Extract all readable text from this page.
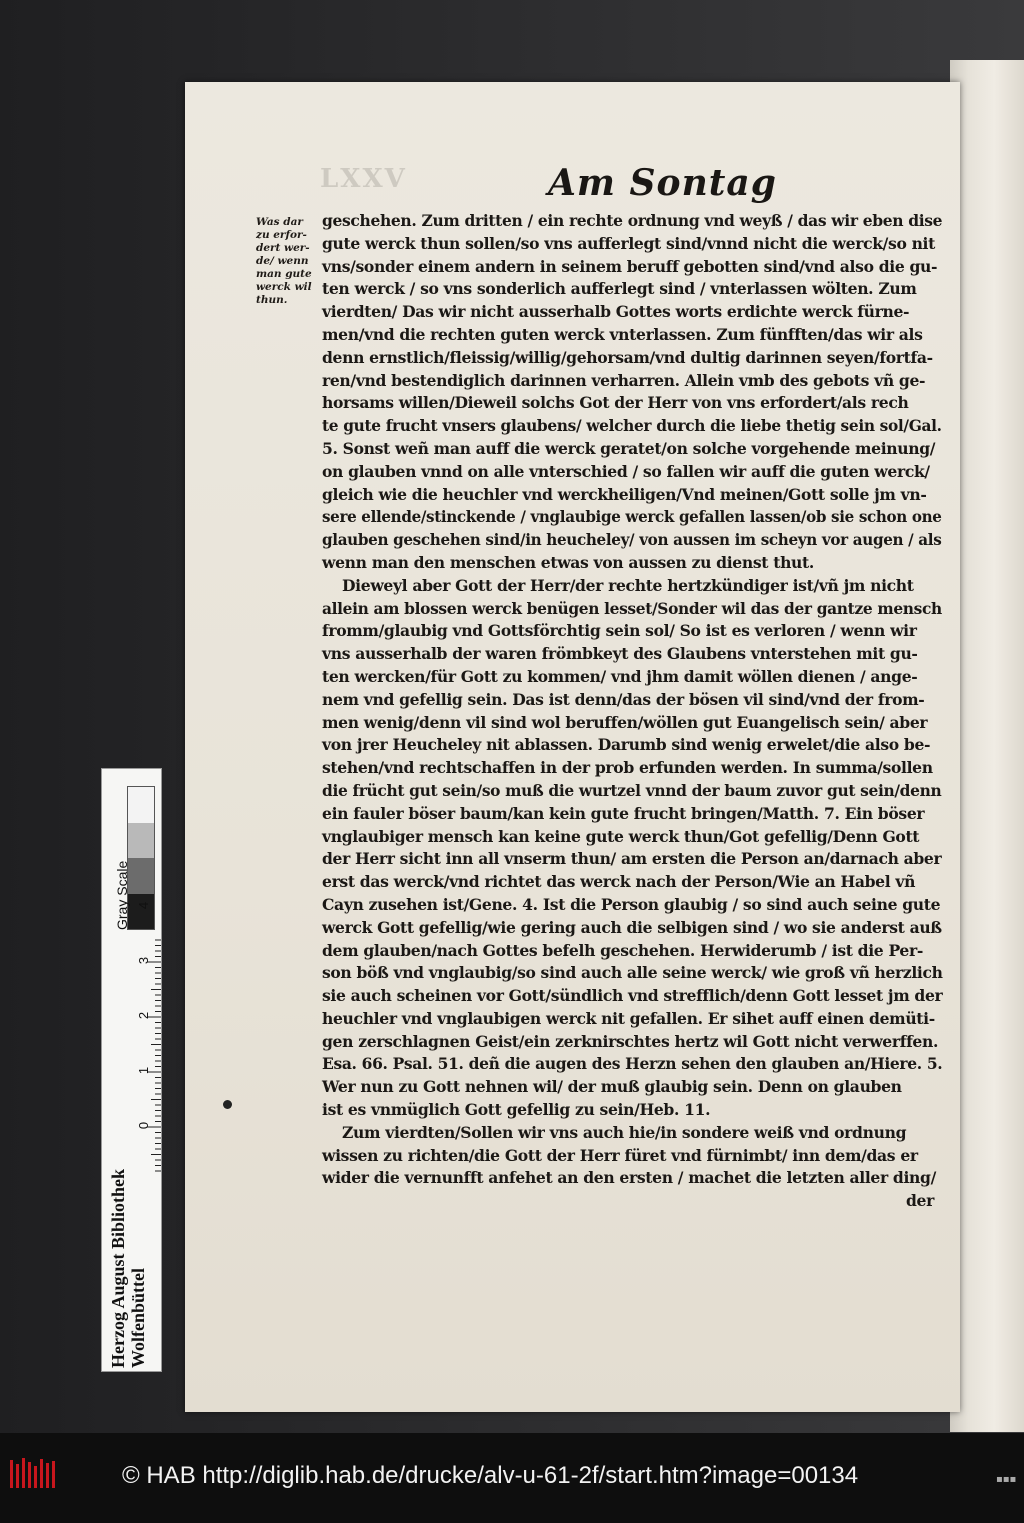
LXXV	Am Sontag
Was dar
zu erfor-
dert wer-
de/ wenn
man gute
werck wil
thun.
geschehen. Zum dritten / ein rechte ordnung vnd weyß / das wir eben dise
gute werck thun sollen/so vns aufferlegt sind/vnnd nicht die werck/so nit
vns/sonder einem andern in seinem beruff gebotten sind/vnd also die gu-
ten werck / so vns sonderlich aufferlegt sind / vnterlassen wölten. Zum
vierdten/ Das wir nicht ausserhalb Gottes worts erdichte werck fürne-
men/vnd die rechten guten werck vnterlassen. Zum fünfften/das wir als
denn ernstlich/fleissig/willig/gehorsam/vnd dultig darinnen seyen/fortfa-
ren/vnd bestendiglich darinnen verharren. Allein vmb des gebots vñ ge-
horsams willen/Dieweil solchs Got der Herr von vns erfordert/als rech
te gute frucht vnsers glaubens/ welcher durch die liebe thetig sein sol/Gal.
5. Sonst weñ man auff die werck geratet/on solche vorgehende meinung/
on glauben vnnd on alle vnterschied / so fallen wir auff die guten werck/
gleich wie die heuchler vnd werckheiligen/Vnd meinen/Gott solle jm vn-
sere ellende/stinckende / vnglaubige werck gefallen lassen/ob sie schon one
glauben geschehen sind/in heucheley/ von aussen im scheyn vor augen / als
wenn man den menschen etwas von aussen zu dienst thut.
Dieweyl aber Gott der Herr/der rechte hertzkündiger ist/vñ jm nicht
allein am blossen werck benügen lesset/Sonder wil das der gantze mensch
fromm/glaubig vnd Gottsförchtig sein sol/ So ist es verloren / wenn wir
vns ausserhalb der waren frömbkeyt des Glaubens vnterstehen mit gu-
ten wercken/für Gott zu kommen/ vnd jhm damit wöllen dienen / ange-
nem vnd gefellig sein. Das ist denn/das der bösen vil sind/vnd der from-
men wenig/denn vil sind wol beruffen/wöllen gut Euangelisch sein/ aber
von jrer Heucheley nit ablassen. Darumb sind wenig erwelet/die also be-
stehen/vnd rechtschaffen in der prob erfunden werden. In summa/sollen
die frücht gut sein/so muß die wurtzel vnnd der baum zuvor gut sein/denn
ein fauler böser baum/kan kein gute frucht bringen/Matth. 7. Ein böser
vnglaubiger mensch kan keine gute werck thun/Got gefellig/Denn Gott
der Herr sicht inn all vnserm thun/ am ersten die Person an/darnach aber
erst das werck/vnd richtet das werck nach der Person/Wie an Habel vñ
Cayn zusehen ist/Gene. 4. Ist die Person glaubig / so sind auch seine gute
werck Gott gefellig/wie gering auch die selbigen sind / wo sie anderst auß
dem glauben/nach Gottes befelh geschehen. Herwiderumb / ist die Per-
son böß vnd vnglaubig/so sind auch alle seine werck/ wie groß vñ herzlich
sie auch scheinen vor Gott/sündlich vnd strefflich/denn Gott lesset jm der
heuchler vnd vnglaubigen werck nit gefallen. Er sihet auff einen demüti-
gen zerschlagnen Geist/ein zerknirschtes hertz wil Gott nicht verwerffen.
Esa. 66. Psal. 51. deñ die augen des Herzn sehen den glauben an/Hiere. 5.
Wer nun zu Gott nehnen wil/ der muß glaubig sein. Denn on glauben
ist es vnmüglich Gott gefellig zu sein/Heb. 11.
Zum vierdten/Sollen wir vns auch hie/in sondere weiß vnd ordnung
wissen zu richten/die Gott der Herr füret vnd fürnimbt/ inn dem/das er
wider die vernunfft anfehet an den ersten / machet die letzten aller ding/
der
Gray Scale
0
1
2
3
4
Herzog August Bibliothek Wolfenbüttel
© HAB http://diglib.hab.de/drucke/alv-u-61-2f/start.htm?image=00134	▪▪▪
